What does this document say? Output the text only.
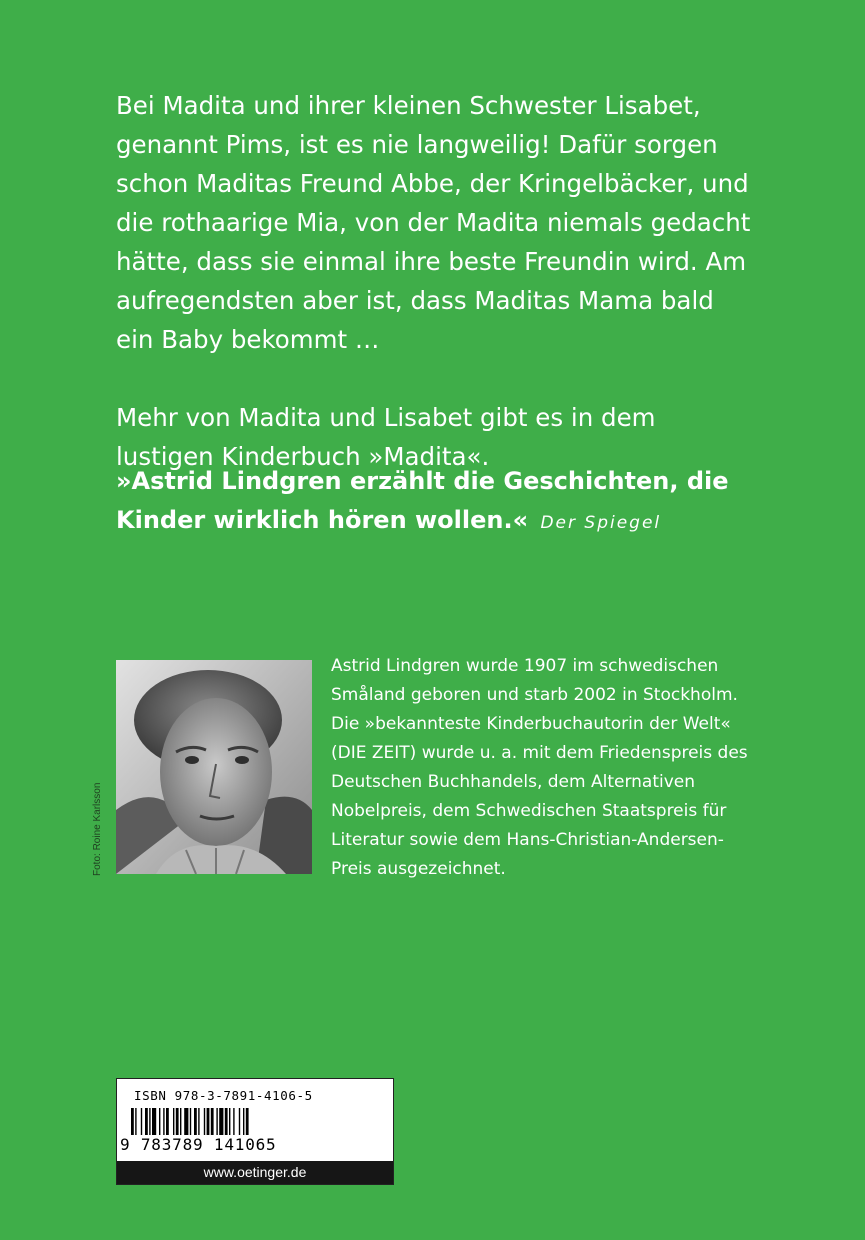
Bei Madita und ihrer kleinen Schwester Lisabet, genannt Pims, ist es nie langweilig! Dafür sorgen schon Maditas Freund Abbe, der Kringelbäcker, und die rothaarige Mia, von der Madita niemals gedacht hätte, dass sie einmal ihre beste Freundin wird. Am aufregendsten aber ist, dass Maditas Mama bald ein Baby bekommt …

Mehr von Madita und Lisabet gibt es in dem lustigen Kinderbuch »Madita«.

»Astrid Lindgren erzählt die Geschichten, die Kinder wirklich hören wollen.« Der Spiegel
Foto: Roine Karlsson
Astrid Lindgren wurde 1907 im schwedischen Småland geboren und starb 2002 in Stockholm. Die »bekannteste Kinderbuchautorin der Welt« (DIE ZEIT) wurde u. a. mit dem Friedenspreis des Deutschen Buchhandels, dem Alternativen Nobelpreis, dem Schwedischen Staatspreis für Literatur sowie dem Hans-Christian-Andersen-Preis ausgezeichnet.
ISBN 978-3-7891-4106-5
9 783789 141065
www.oetinger.de
